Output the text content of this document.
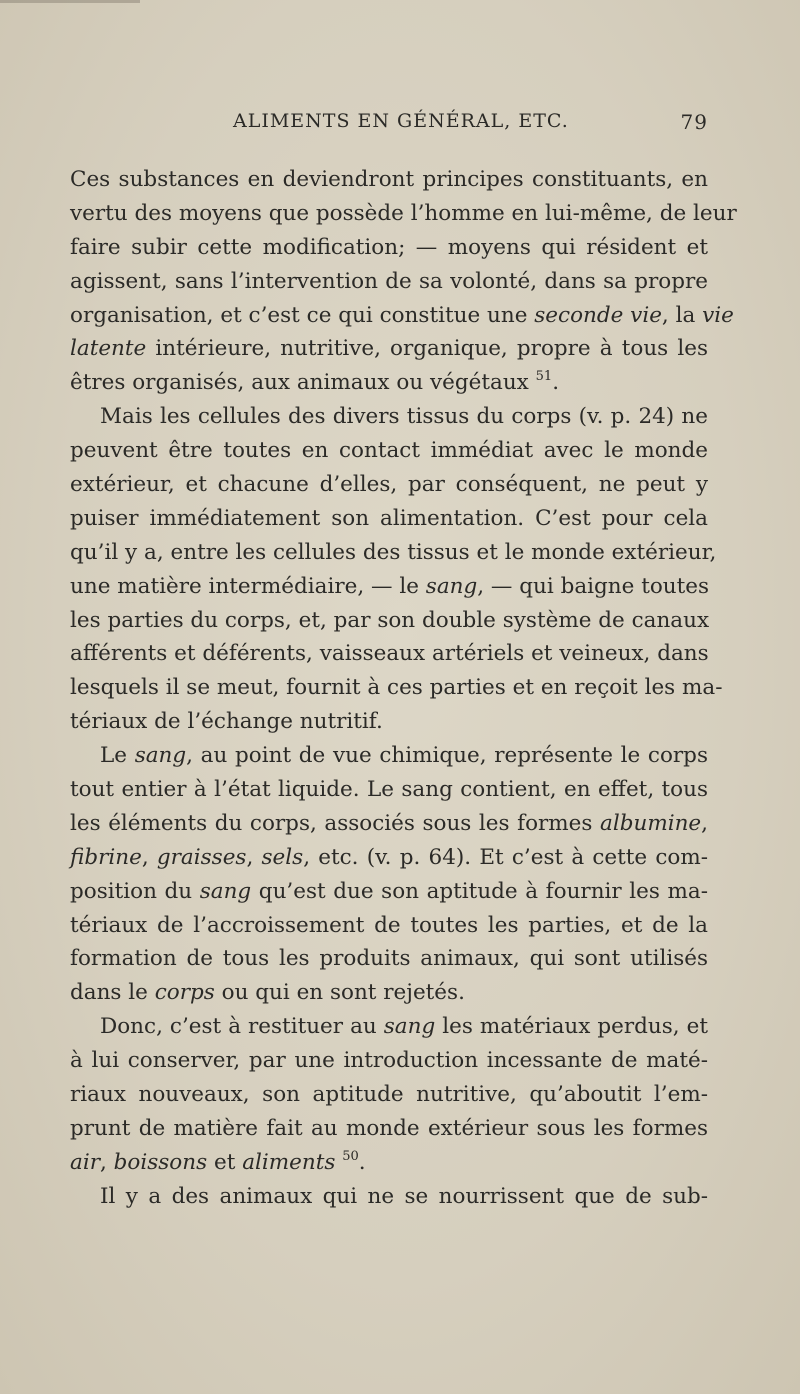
ALIMENTS EN GÉNÉRAL, ETC.	79
Ces substances en deviendront principes constituants, en
vertu des moyens que possède l’homme en lui-même, de leur
faire subir cette modification; — moyens qui résident et
agissent, sans l’intervention de sa volonté, dans sa propre
organisation, et c’est ce qui constitue une seconde vie, la vie
latente intérieure, nutritive, organique, propre à tous les
êtres organisés, aux animaux ou végétaux $^{51}$.
Mais les cellules des divers tissus du corps (v. p. 24) ne
peuvent être toutes en contact immédiat avec le monde
extérieur, et chacune d’elles, par conséquent, ne peut y
puiser immédiatement son alimentation. C’est pour cela
qu’il y a, entre les cellules des tissus et le monde extérieur,
une matière intermédiaire, — le sang, — qui baigne toutes
les parties du corps, et, par son double système de canaux
afférents et déférents, vaisseaux artériels et veineux, dans
lesquels il se meut, fournit à ces parties et en reçoit les ma-
tériaux de l’échange nutritif.
Le sang, au point de vue chimique, représente le corps
tout entier à l’état liquide. Le sang contient, en effet, tous
les éléments du corps, associés sous les formes albumine,
fibrine, graisses, sels, etc. (v. p. 64). Et c’est à cette com-
position du sang qu’est due son aptitude à fournir les ma-
tériaux de l’accroissement de toutes les parties, et de la
formation de tous les produits animaux, qui sont utilisés
dans le corps ou qui en sont rejetés.
Donc, c’est à restituer au sang les matériaux perdus, et
à lui conserver, par une introduction incessante de maté-
riaux nouveaux, son aptitude nutritive, qu’aboutit l’em-
prunt de matière fait au monde extérieur sous les formes
air, boissons et aliments $^{50}$.
Il y a des animaux qui ne se nourrissent que de sub-
